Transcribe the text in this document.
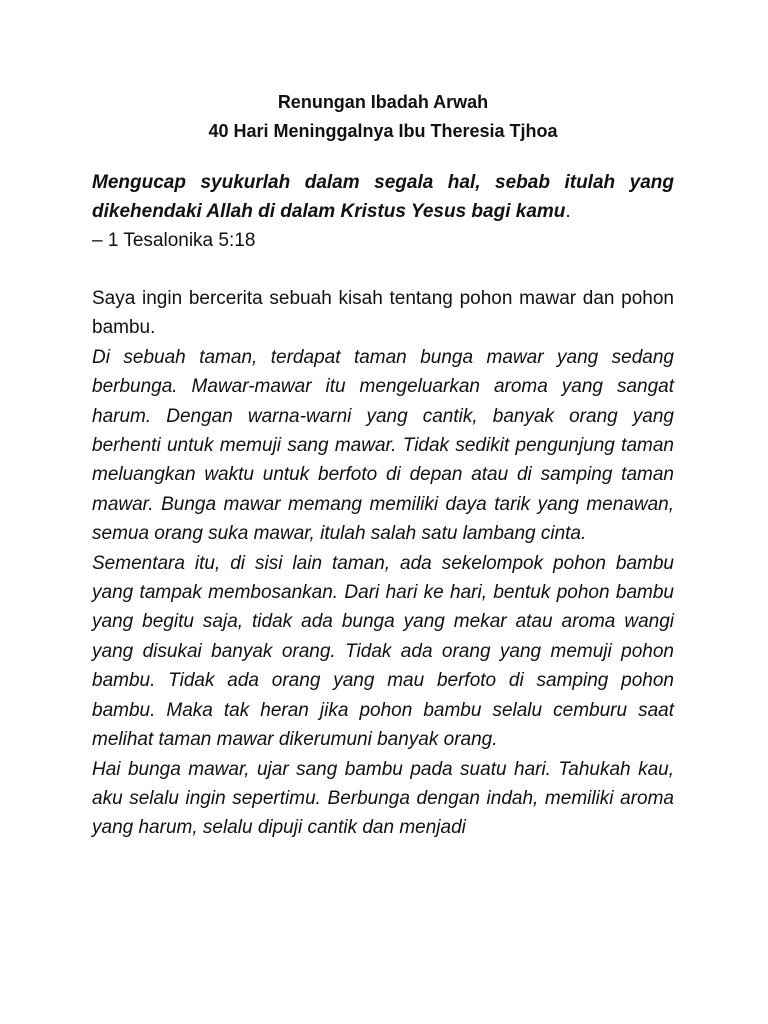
Renungan Ibadah Arwah

40 Hari Meninggalnya Ibu Theresia Tjhoa

Mengucap syukurlah dalam segala hal, sebab itulah yang dikehendaki Allah di dalam Kristus Yesus bagi kamu.
– 1 Tesalonika 5:18

Saya ingin bercerita sebuah kisah tentang pohon mawar dan pohon bambu.

Di sebuah taman, terdapat taman bunga mawar yang sedang berbunga. Mawar-mawar itu mengeluarkan aroma yang sangat harum. Dengan warna-warni yang cantik, banyak orang yang berhenti untuk memuji sang mawar. Tidak sedikit pengunjung taman meluangkan waktu untuk berfoto di depan atau di samping taman mawar. Bunga mawar memang memiliki daya tarik yang menawan, semua orang suka mawar, itulah salah satu lambang cinta.

Sementara itu, di sisi lain taman, ada sekelompok pohon bambu yang tampak membosankan. Dari hari ke hari, bentuk pohon bambu yang begitu saja, tidak ada bunga yang mekar atau aroma wangi yang disukai banyak orang. Tidak ada orang yang memuji pohon bambu. Tidak ada orang yang mau berfoto di samping pohon bambu. Maka tak heran jika pohon bambu selalu cemburu saat melihat taman mawar dikerumuni banyak orang.

Hai bunga mawar, ujar sang bambu pada suatu hari. Tahukah kau, aku selalu ingin sepertimu. Berbunga dengan indah, memiliki aroma yang harum, selalu dipuji cantik dan menjadi
